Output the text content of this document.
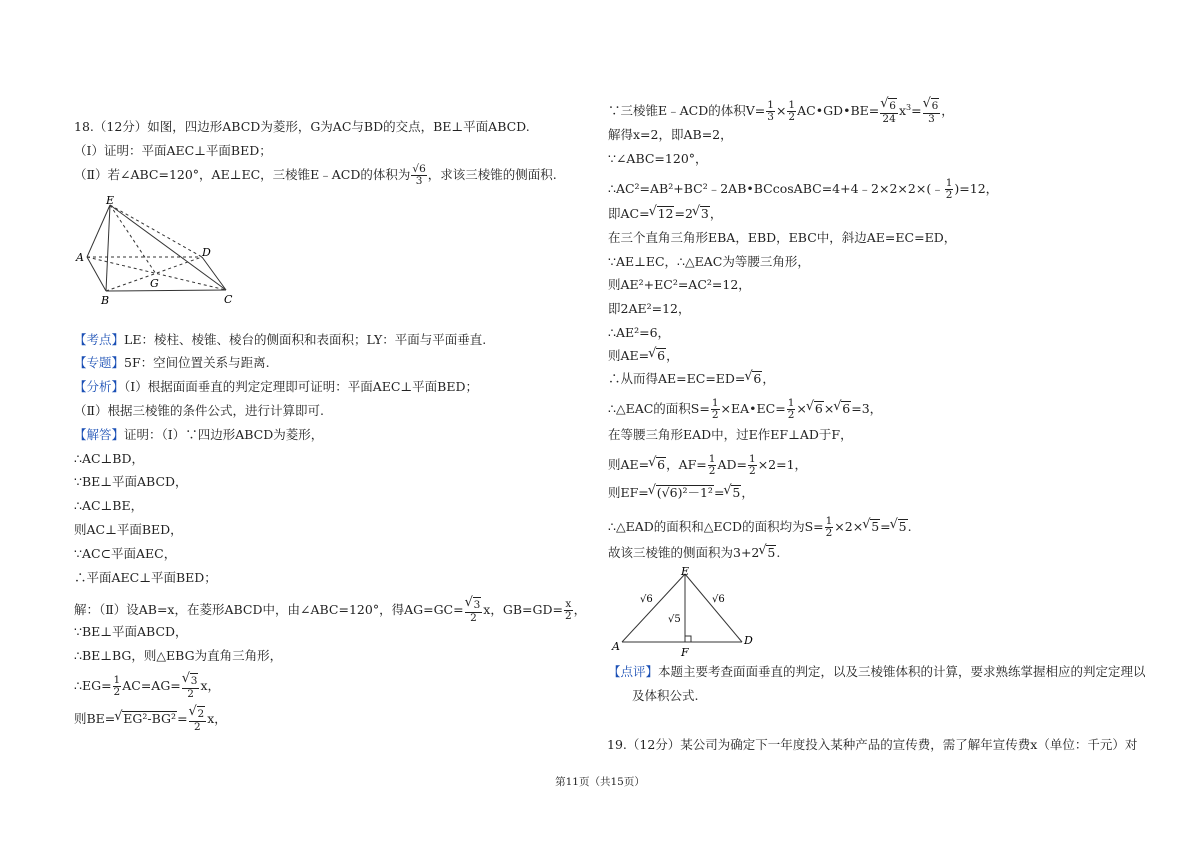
18.（12分）如图，四边形ABCD为菱形，G为AC与BD的交点，BE⊥平面ABCD.
（Ⅰ）证明：平面AEC⊥平面BED；
（Ⅱ）若∠ABC=120°，AE⊥EC，三棱锥E﹣ACD的体积为 $\frac{√6}{3}$ ，求该三棱锥的侧面积.
E
A
B	C
D
G
【考点】LE：棱柱、棱锥、棱台的侧面积和表面积；LY：平面与平面垂直.
【专题】5F：空间位置关系与距离.
【分析】（Ⅰ）根据面面垂直的判定定理即可证明：平面AEC⊥平面BED；
（Ⅱ）根据三棱锥的条件公式，进行计算即可.
【解答】证明：（Ⅰ）∵四边形ABCD为菱形，
∴AC⊥BD，
∵BE⊥平面ABCD，
∴AC⊥BE，
则AC⊥平面BED，
∵AC⊂平面AEC，
∴平面AEC⊥平面BED；
解：（Ⅱ）设AB=x，在菱形ABCD中，由∠ABC=120°，得AG=GC=
√ $\frac{3}{2}$ x，$GB=GD= \frac{x}{2}$ ，
∵BE⊥平面ABCD，
∴BE⊥BG，则△EBG为直角三角形，
∴EG= $\frac{1}{2} AC=AG=$
√ $\frac{3}{2}$ x，
则BE=√ EG²-BG²=
√ $\frac{2}{2}$ x，
∵三棱锥E﹣ACD的体积$V= \frac{1}{3} \times \frac{1}{2}$ AC•GD•BE=
√ $\frac{6}{24} x^3=$
√ $\frac{6}{3}$ ，
解得x=2，即AB=2，
∵∠ABC=120°，
∴AC²=AB²+BC²﹣2AB•BCcosABC=4+4﹣2×2×2×(﹣ $\frac{1}{2} )=12$，
即AC=√ 12=2√ 3，
在三个直角三角形EBA，EBD，EBC中，斜边AE=EC=ED，
∵AE⊥EC，∴△EAC为等腰三角形，
则AE²+EC²=AC²=12，
即2AE²=12，
∴AE²=6，
则AE=√ 6，
∴从而得AE=EC=ED=√ 6，
∴△EAC的面积$S= \frac{1}{2}$ ×EA•EC= $\frac{1}{2}$ ×√ 6×√ 6=3，
在等腰三角形EAD中，过E作EF⊥AD于F，
则AE=√ 6，$AF= \frac{1}{2} AD= \frac{1}{2} \times 2=1$，
则EF=√ (√6)²－1²=√ 5，
∴△EAD的面积和△ECD的面积均为$S= \frac{1}{2} \times 2\times√$ 5=√ 5.
故该三棱锥的侧面积为3+2√ 5.
E
A	D
F
√6	√6
√5
【点评】本题主要考查面面垂直的判定，以及三棱锥体积的计算，要求熟练掌握相应的判定定理以
及体积公式.
19.（12分）某公司为确定下一年度投入某种产品的宣传费，需了解年宣传费x（单位：千元）对
第11页（共15页）
